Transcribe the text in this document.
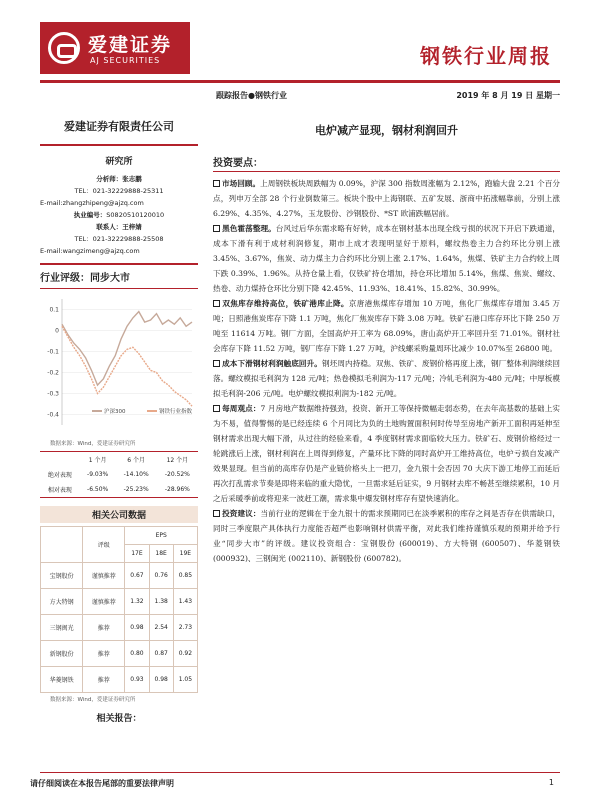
爱建证券
AJ SECURITIES	钢铁行业周报
跟踪报告●钢铁行业	2019 年 8 月 19 日 星期一
爱建证券有限责任公司
研究所
分析师：张志鹏
TEL：021-32229888-25311
E-mail:zhangzhipeng@ajzq.com
执业编号：S0820510120010
联系人：王梓婧
TEL：021-32229888-25508
E-mail:wangzimeng@ajzq.com
行业评级：同步大市
0.1
0
-0.1
-0.2
-0.3
-0.4	沪深300	钢铁行业指数
数据来源：Wind，爱建证券研究所
	1 个月	6 个月	12 个月
绝对表现	-9.03%	-14.10%	-20.52%
相对表现	-6.50%	-25.23%	-28.96%
相关公司数据
	评级	EPS		
		17E	18E	19E
宝钢股份	谨慎推荐	0.67	0.76	0.85
方大特钢	谨慎推荐	1.32	1.38	1.43
三钢闽光	推荐	0.98	2.54	2.73
新钢股份	推荐	0.80	0.87	0.92
华菱钢铁	推荐	0.93	0.98	1.05
数据来源：Wind，爱建证券研究所
相关报告：
电炉减产显现，钢材利润回升
投资要点：
市场回顾。上周钢铁板块周跌幅为 0.09%，沪深 300 指数周涨幅为 2.12%，跑输大盘 2.21 个百分点，列申万全部 28 个行业倒数第三。板块个股中上海钢联、五矿发展、浙商中拓涨幅靠前，分别上涨 6.29%、4.35%、4.27%，玉龙股份、沙钢股份、*ST 欧浦跌幅居前。
黑色霍荡整理。台风过后华东需求略有好转，成本在钢材基本出现全线亏损的状况下开启下跌通道，成本下滑有利于成材利润修复，期市上成才表现明显好于原料，螺纹热卷主力合约环比分别上涨 3.45%、3.67%，焦炭、动力煤主力合约环比分别上涨 2.17%、1.64%，焦煤、铁矿主力合约较上周下跌 0.39%、1.96%。从持仓量上看，仅铁矿持仓增加，持仓环比增加 5.14%，焦煤、焦炭、螺纹、热卷、动力煤持仓环比分别下降 42.45%、11.93%、18.41%、15.82%、30.99%。
双焦库存维持高位，铁矿港库止降。京唐港焦煤库存增加 10 万吨，焦化厂焦煤库存增加 3.45 万吨；日照港焦炭库存下降 1.1 万吨，焦化厂焦炭库存下降 3.08 万吨。铁矿石港口库存环比下降 250 万吨至 11614 万吨。钢厂方面，全国高炉开工率为 68.09%，唐山高炉开工率回升至 71.01%。钢材社会库存下降 11.52 万吨，钢厂库存下降 1.27 万吨，沪线螺采购量周环比减少 10.07%至 26800 吨。
成本下滑钢材利润触底回升。钢坯周内持稳。双焦、铁矿、废钢价格再度上涨，钢厂整体利润继续回落。螺纹模拟毛利润为 128 元/吨；热卷模拟毛利润为-117 元/吨；冷轧毛利润为-480 元/吨；中厚板模拟毛利润-206 元/吨。电炉螺纹模拟利润为-182 元/吨。
每周观点：7 月房地产数据维持强劲，投资、新开工等保持微幅走弱态势，在去年高基数的基础上实为不易，值得警惕的是已经连续 6 个月同比为负的土地购置面积何时传导至房地产新开工面积再延伸至钢材需求出现大幅下滑，从过往的经验来看，4 季度钢材需求面临较大压力。铁矿石、废钢价格经过一轮跳涨后上涨，钢材利润在上周得到修复，产量环比下降的同时高炉开工维持高位，电炉亏损自发减产效果显现。但当前的高库存仍是产业链价格头上一把刀，金九银十会否因 70 大庆下游工地停工而延后再次打乱需求节奏是即将来临的重大隐忧，一旦需求延后证实，9 月钢材去库不畅甚至继续累积，10 月之后采暖季前或将迎来一波赶工潮，需求集中爆发钢材库存有望快速消化。
投资建议：当前行业的逻辑在于金九银十的需求预期同已在淡季累积的库存之间是否存在供需缺口，同时三季度限产具体执行力度能否超严也影响钢材供需平衡，对此我们维持谨慎乐观的预期并给予行业“同步大市”的评级。建议投资组合：宝钢股份 (600019)、方大特钢 (600507)、华菱钢铁 (000932)、三钢闽光 (002110)、新钢股份 (600782)。
请仔细阅读在本报告尾部的重要法律声明	1
